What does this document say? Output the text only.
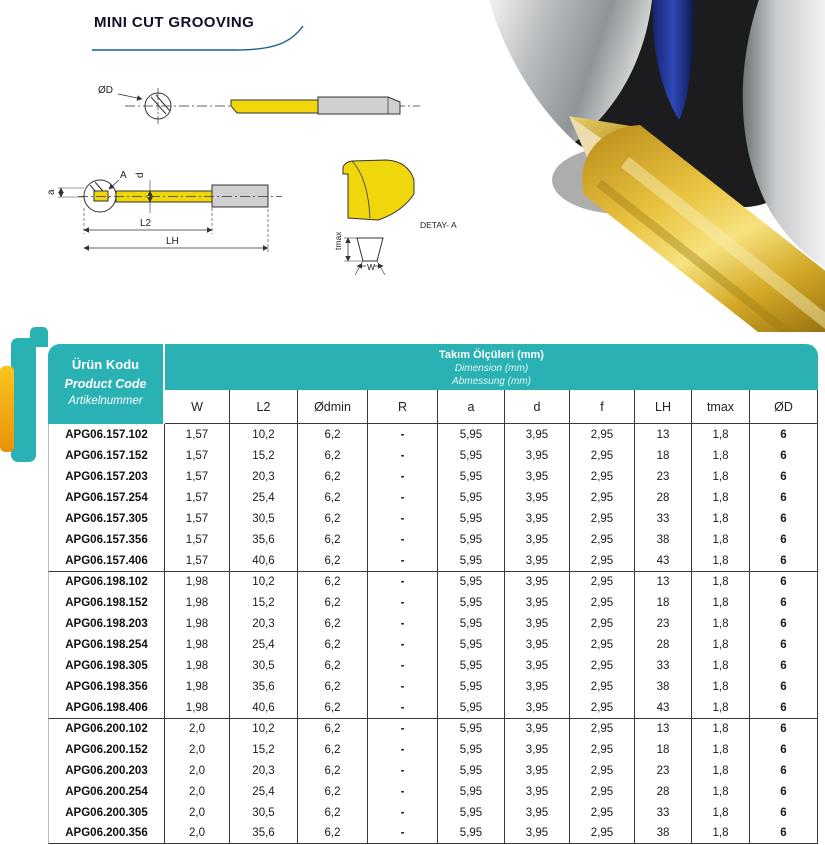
MINI CUT GROOVING
ØD
A
a
d
L2
LH
DETAY- A
W
tmax
Ürün Kodu
Product Code
Artikelnummer
Takım Ölçüleri (mm)
Dimension (mm)
Abmessung (mm)
W	L2	Ødmin	R	a	d	f	LH	tmax	ØD
APG06.157.102	1,57	10,2	6,2	-	5,95	3,95	2,95	13	1,8	6
APG06.157.152	1,57	15,2	6,2	-	5,95	3,95	2,95	18	1,8	6
APG06.157.203	1,57	20,3	6,2	-	5,95	3,95	2,95	23	1,8	6
APG06.157.254	1,57	25,4	6,2	-	5,95	3,95	2,95	28	1,8	6
APG06.157.305	1,57	30,5	6,2	-	5,95	3,95	2,95	33	1,8	6
APG06.157.356	1,57	35,6	6,2	-	5,95	3,95	2,95	38	1,8	6
APG06.157.406	1,57	40,6	6,2	-	5,95	3,95	2,95	43	1,8	6
APG06.198.102	1,98	10,2	6,2	-	5,95	3,95	2,95	13	1,8	6
APG06.198.152	1,98	15,2	6,2	-	5,95	3,95	2,95	18	1,8	6
APG06.198.203	1,98	20,3	6,2	-	5,95	3,95	2,95	23	1,8	6
APG06.198.254	1,98	25,4	6,2	-	5,95	3,95	2,95	28	1,8	6
APG06.198.305	1,98	30,5	6,2	-	5,95	3,95	2,95	33	1,8	6
APG06.198.356	1,98	35,6	6,2	-	5,95	3,95	2,95	38	1,8	6
APG06.198.406	1,98	40,6	6,2	-	5,95	3,95	2,95	43	1,8	6
APG06.200.102	2,0	10,2	6,2	-	5,95	3,95	2,95	13	1,8	6
APG06.200.152	2,0	15,2	6,2	-	5,95	3,95	2,95	18	1,8	6
APG06.200.203	2,0	20,3	6,2	-	5,95	3,95	2,95	23	1,8	6
APG06.200.254	2,0	25,4	6,2	-	5,95	3,95	2,95	28	1,8	6
APG06.200.305	2,0	30,5	6,2	-	5,95	3,95	2,95	33	1,8	6
APG06.200.356	2,0	35,6	6,2	-	5,95	3,95	2,95	38	1,8	6
